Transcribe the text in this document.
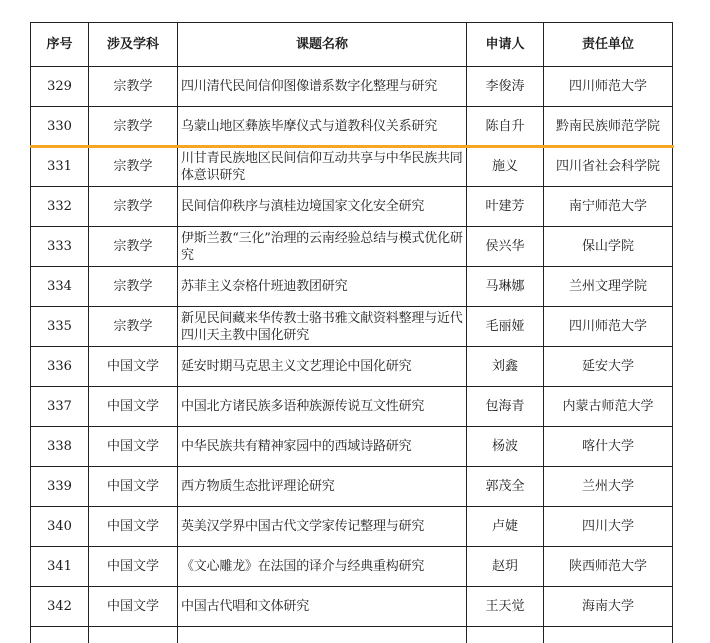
序号	涉及学科	课题名称	申请人	责任单位
329	宗教学	四川清代民间信仰图像谱系数字化整理与研究	李俊涛	四川师范大学
330	宗教学	乌蒙山地区彝族毕摩仪式与道教科仪关系研究	陈自升	黔南民族师范学院
331	宗教学	川甘青民族地区民间信仰互动共享与中华民族共同体意识研究	施义	四川省社会科学院
332	宗教学	民间信仰秩序与滇桂边境国家文化安全研究	叶建芳	南宁师范大学
333	宗教学	伊斯兰教“三化”治理的云南经验总结与模式优化研究	侯兴华	保山学院
334	宗教学	苏菲主义奈格什班迪教团研究	马琳娜	兰州文理学院
335	宗教学	新见民间藏来华传教士骆书雅文献资料整理与近代四川天主教中国化研究	毛丽娅	四川师范大学
336	中国文学	延安时期马克思主义文艺理论中国化研究	刘鑫	延安大学
337	中国文学	中国北方诸民族多语种族源传说互文性研究	包海青	内蒙古师范大学
338	中国文学	中华民族共有精神家园中的西域诗路研究	杨波	喀什大学
339	中国文学	西方物质生态批评理论研究	郭茂全	兰州大学
340	中国文学	英美汉学界中国古代文学家传记整理与研究	卢婕	四川大学
341	中国文学	《文心雕龙》在法国的译介与经典重构研究	赵玥	陕西师范大学
342	中国文学	中国古代唱和文体研究	王天觉	海南大学
